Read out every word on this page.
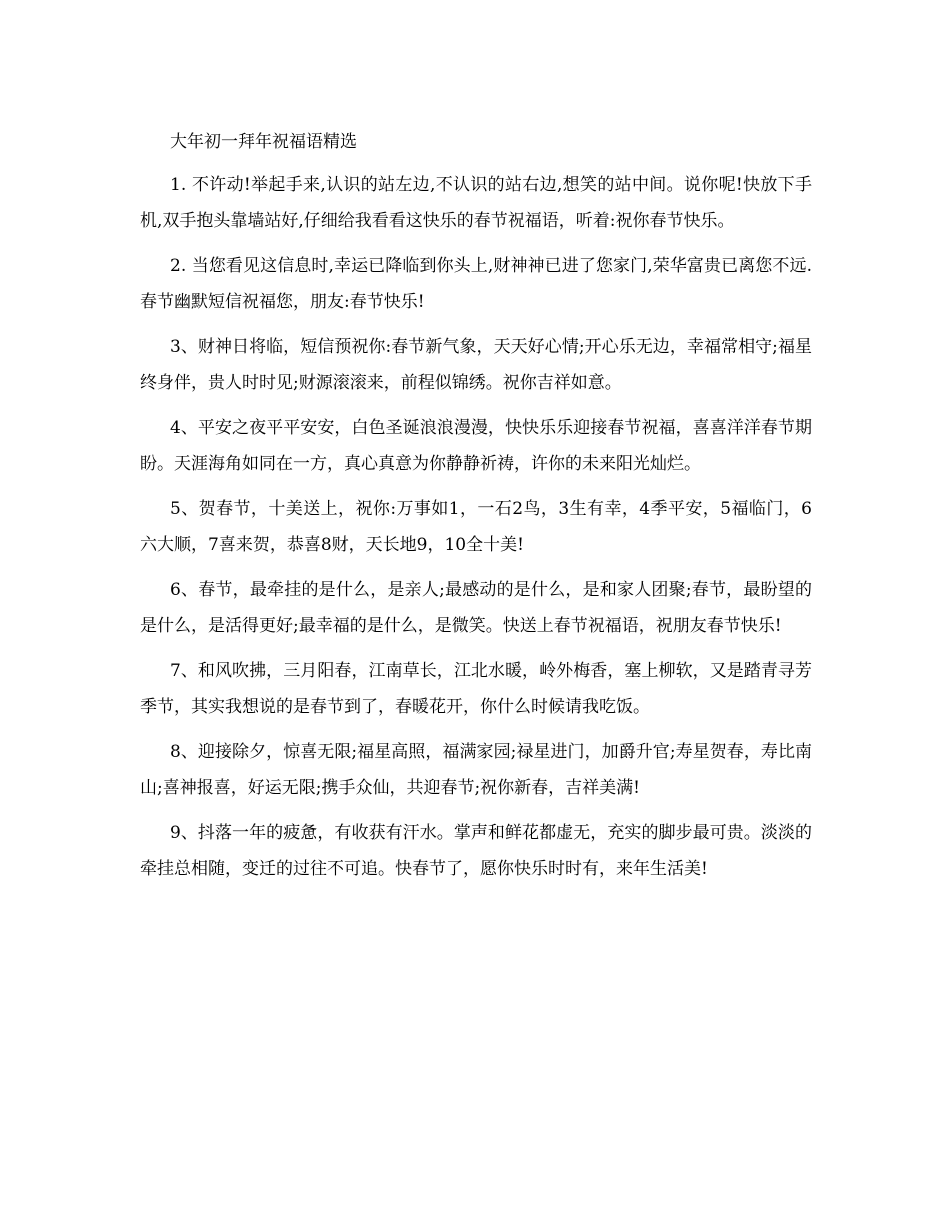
大年初一拜年祝福语精选

1. 不许动!举起手来,认识的站左边,不认识的站右边,想笑的站中间。说你呢!快放下手机,双手抱头靠墙站好,仔细给我看看这快乐的春节祝福语，听着:祝你春节快乐。

2. 当您看见这信息时,幸运已降临到你头上,财神神已进了您家门,荣华富贵已离您不远.春节幽默短信祝福您，朋友:春节快乐!

3、财神日将临，短信预祝你:春节新气象，天天好心情;开心乐无边，幸福常相守;福星终身伴，贵人时时见;财源滚滚来，前程似锦绣。祝你吉祥如意。

4、平安之夜平平安安，白色圣诞浪浪漫漫，快快乐乐迎接春节祝福，喜喜洋洋春节期盼。天涯海角如同在一方，真心真意为你静静祈祷，许你的未来阳光灿烂。

5、贺春节，十美送上，祝你:万事如1，一石2鸟，3生有幸，4季平安，5福临门，6六大顺，7喜来贺，恭喜8财，天长地9，10全十美!

6、春节，最牵挂的是什么，是亲人;最感动的是什么，是和家人团聚;春节，最盼望的是什么，是活得更好;最幸福的是什么，是微笑。快送上春节祝福语，祝朋友春节快乐!

7、和风吹拂，三月阳春，江南草长，江北水暖，岭外梅香，塞上柳软，又是踏青寻芳季节，其实我想说的是春节到了，春暖花开，你什么时候请我吃饭。

8、迎接除夕，惊喜无限;福星高照，福满家园;禄星进门，加爵升官;寿星贺春，寿比南山;喜神报喜，好运无限;携手众仙，共迎春节;祝你新春，吉祥美满!

9、抖落一年的疲惫，有收获有汗水。掌声和鲜花都虚无，充实的脚步最可贵。淡淡的牵挂总相随，变迁的过往不可追。快春节了，愿你快乐时时有，来年生活美!
